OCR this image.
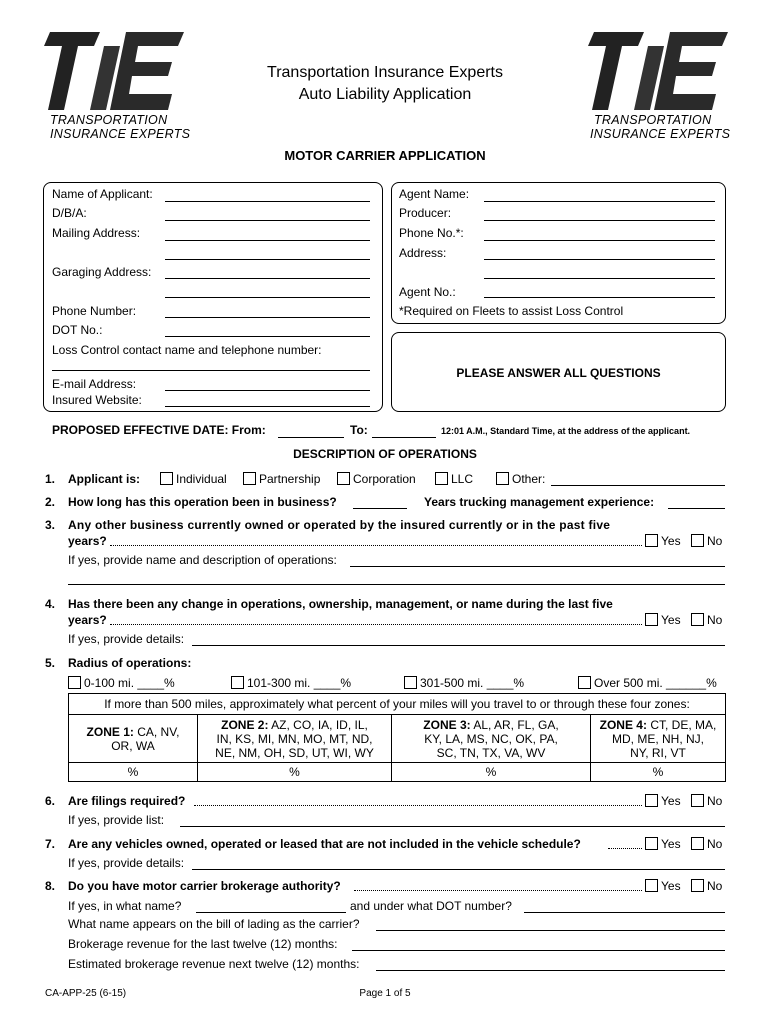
TRANSPORTATION
INSURANCE EXPERTS
TRANSPORTATION
INSURANCE EXPERTS
Transportation Insurance Experts
Auto Liability Application
MOTOR CARRIER APPLICATION
Name of Applicant:
D/B/A:
Mailing Address:
Garaging Address:
Phone Number:
DOT No.:
Loss Control contact name and telephone number:
E-mail Address:
Insured Website:
Agent Name:
Producer:
Phone No.*:
Address:
Agent No.:
*Required on Fleets to assist Loss Control
PLEASE ANSWER ALL QUESTIONS
PROPOSED EFFECTIVE DATE: From:	To:	12:01 A.M., Standard Time, at the address of the applicant.
DESCRIPTION OF OPERATIONS
1. Applicant is:	Individual	Partnership	Corporation	LLC	Other:
2. How long has this operation been in business?	Years trucking management experience:
3. Any other business currently owned or operated by the insured currently or in the past five
years?	Yes	No
If yes, provide name and description of operations:
4. Has there been any change in operations, ownership, management, or name during the last five
years?	Yes	No
If yes, provide details:
5. Radius of operations:
0-100 mi. ____%	101-300 mi. ____%	301-500 mi. ____%	Over 500 mi. ______%
If more than 500 miles, approximately what percent of your miles will you travel to or through these four zones:			
ZONE 1: CA, NV,
OR, WA	ZONE 2: AZ, CO, IA, ID, IL,
IN, KS, MI, MN, MO, MT, ND,
NE, NM, OH, SD, UT, WI, WY	ZONE 3: AL, AR, FL, GA,
KY, LA, MS, NC, OK, PA,
SC, TN, TX, VA, WV	ZONE 4: CT, DE, MA,
MD, ME, NH, NJ,
NY, RI, VT
%	%	%	%
6. Are filings required?	Yes	No
If yes, provide list:
7. Are any vehicles owned, operated or leased that are not included in the vehicle schedule?	Yes	No
If yes, provide details:
8. Do you have motor carrier brokerage authority?	Yes	No
If yes, in what name?	and under what DOT number?
What name appears on the bill of lading as the carrier?
Brokerage revenue for the last twelve (12) months:
Estimated brokerage revenue next twelve (12) months:
CA-APP-25 (6-15)	Page 1 of 5
